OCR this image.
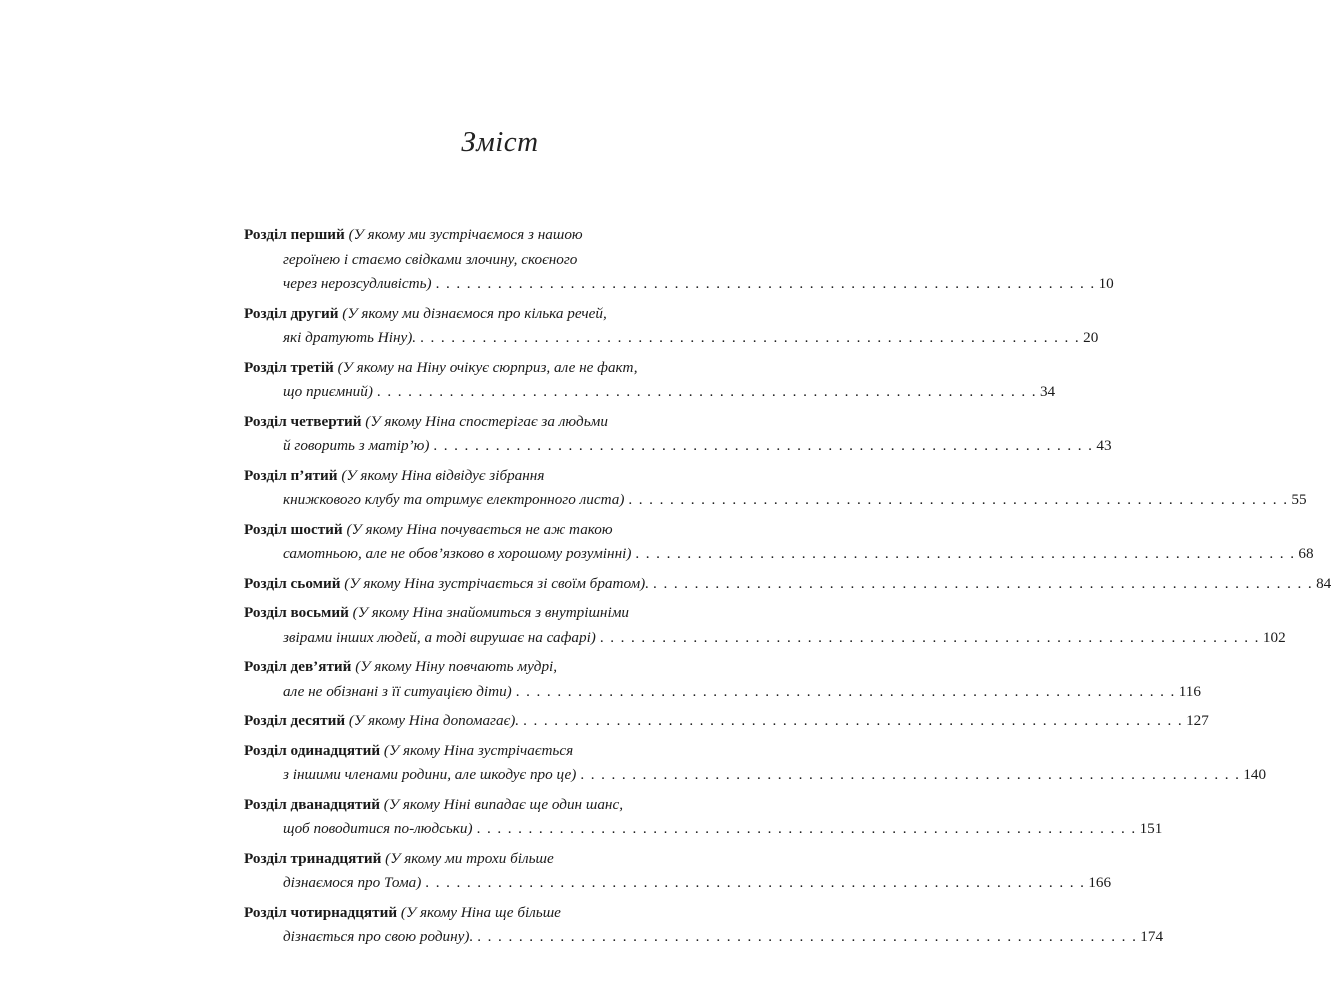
Зміст
Розділ перший (У якому ми зустрічаємося з нашою
героїнею і стаємо свідками злочину, скоєного
через нерозсудливість) . . . . . . . . . . . . . . . . . . . . . . . . . . . . . . . . . . . . . . . . . . . . . . . . . . . . . . . . . . . . . . . . 10
Розділ другий (У якому ми дізнаємося про кілька речей,
які дратують Ніну). . . . . . . . . . . . . . . . . . . . . . . . . . . . . . . . . . . . . . . . . . . . . . . . . . . . . . . . . . . . . . . . . 20
Розділ третій (У якому на Ніну очікує сюрприз, але не факт,
що приємний) . . . . . . . . . . . . . . . . . . . . . . . . . . . . . . . . . . . . . . . . . . . . . . . . . . . . . . . . . . . . . . . . 34
Розділ четвертий (У якому Ніна спостерігає за людьми
й говорить з матір’ю) . . . . . . . . . . . . . . . . . . . . . . . . . . . . . . . . . . . . . . . . . . . . . . . . . . . . . . . . . . . . . . . . 43
Розділ п’ятий (У якому Ніна відвідує зібрання
книжкового клубу та отримує електронного листа) . . . . . . . . . . . . . . . . . . . . . . . . . . . . . . . . . . . . . . . . . . . . . . . . . . . . . . . . . . . . . . . . 55
Розділ шостий (У якому Ніна почувається не аж такою
самотньою, але не обов’язково в хорошому розумінні) . . . . . . . . . . . . . . . . . . . . . . . . . . . . . . . . . . . . . . . . . . . . . . . . . . . . . . . . . . . . . . . . 68
Розділ сьомий (У якому Ніна зустрічається зі своїм братом). . . . . . . . . . . . . . . . . . . . . . . . . . . . . . . . . . . . . . . . . . . . . . . . . . . . . . . . . . . . . . . . . 84
Розділ восьмий (У якому Ніна знайомиться з внутрішніми
звірами інших людей, а тоді вирушає на сафарі) . . . . . . . . . . . . . . . . . . . . . . . . . . . . . . . . . . . . . . . . . . . . . . . . . . . . . . . . . . . . . . . . 102
Розділ дев’ятий (У якому Ніну повчають мудрі,
але не обізнані з її ситуацією діти) . . . . . . . . . . . . . . . . . . . . . . . . . . . . . . . . . . . . . . . . . . . . . . . . . . . . . . . . . . . . . . . . 116
Розділ десятий (У якому Ніна допомагає). . . . . . . . . . . . . . . . . . . . . . . . . . . . . . . . . . . . . . . . . . . . . . . . . . . . . . . . . . . . . . . . . 127
Розділ одинадцятий (У якому Ніна зустрічається
з іншими членами родини, але шкодує про це) . . . . . . . . . . . . . . . . . . . . . . . . . . . . . . . . . . . . . . . . . . . . . . . . . . . . . . . . . . . . . . . . 140
Розділ дванадцятий (У якому Ніні випадає ще один шанс,
щоб поводитися по-людськи) . . . . . . . . . . . . . . . . . . . . . . . . . . . . . . . . . . . . . . . . . . . . . . . . . . . . . . . . . . . . . . . . 151
Розділ тринадцятий (У якому ми трохи більше
дізнаємося про Тома) . . . . . . . . . . . . . . . . . . . . . . . . . . . . . . . . . . . . . . . . . . . . . . . . . . . . . . . . . . . . . . . . 166
Розділ чотирнадцятий (У якому Ніна ще більше
дізнається про свою родину). . . . . . . . . . . . . . . . . . . . . . . . . . . . . . . . . . . . . . . . . . . . . . . . . . . . . . . . . . . . . . . . . 174
